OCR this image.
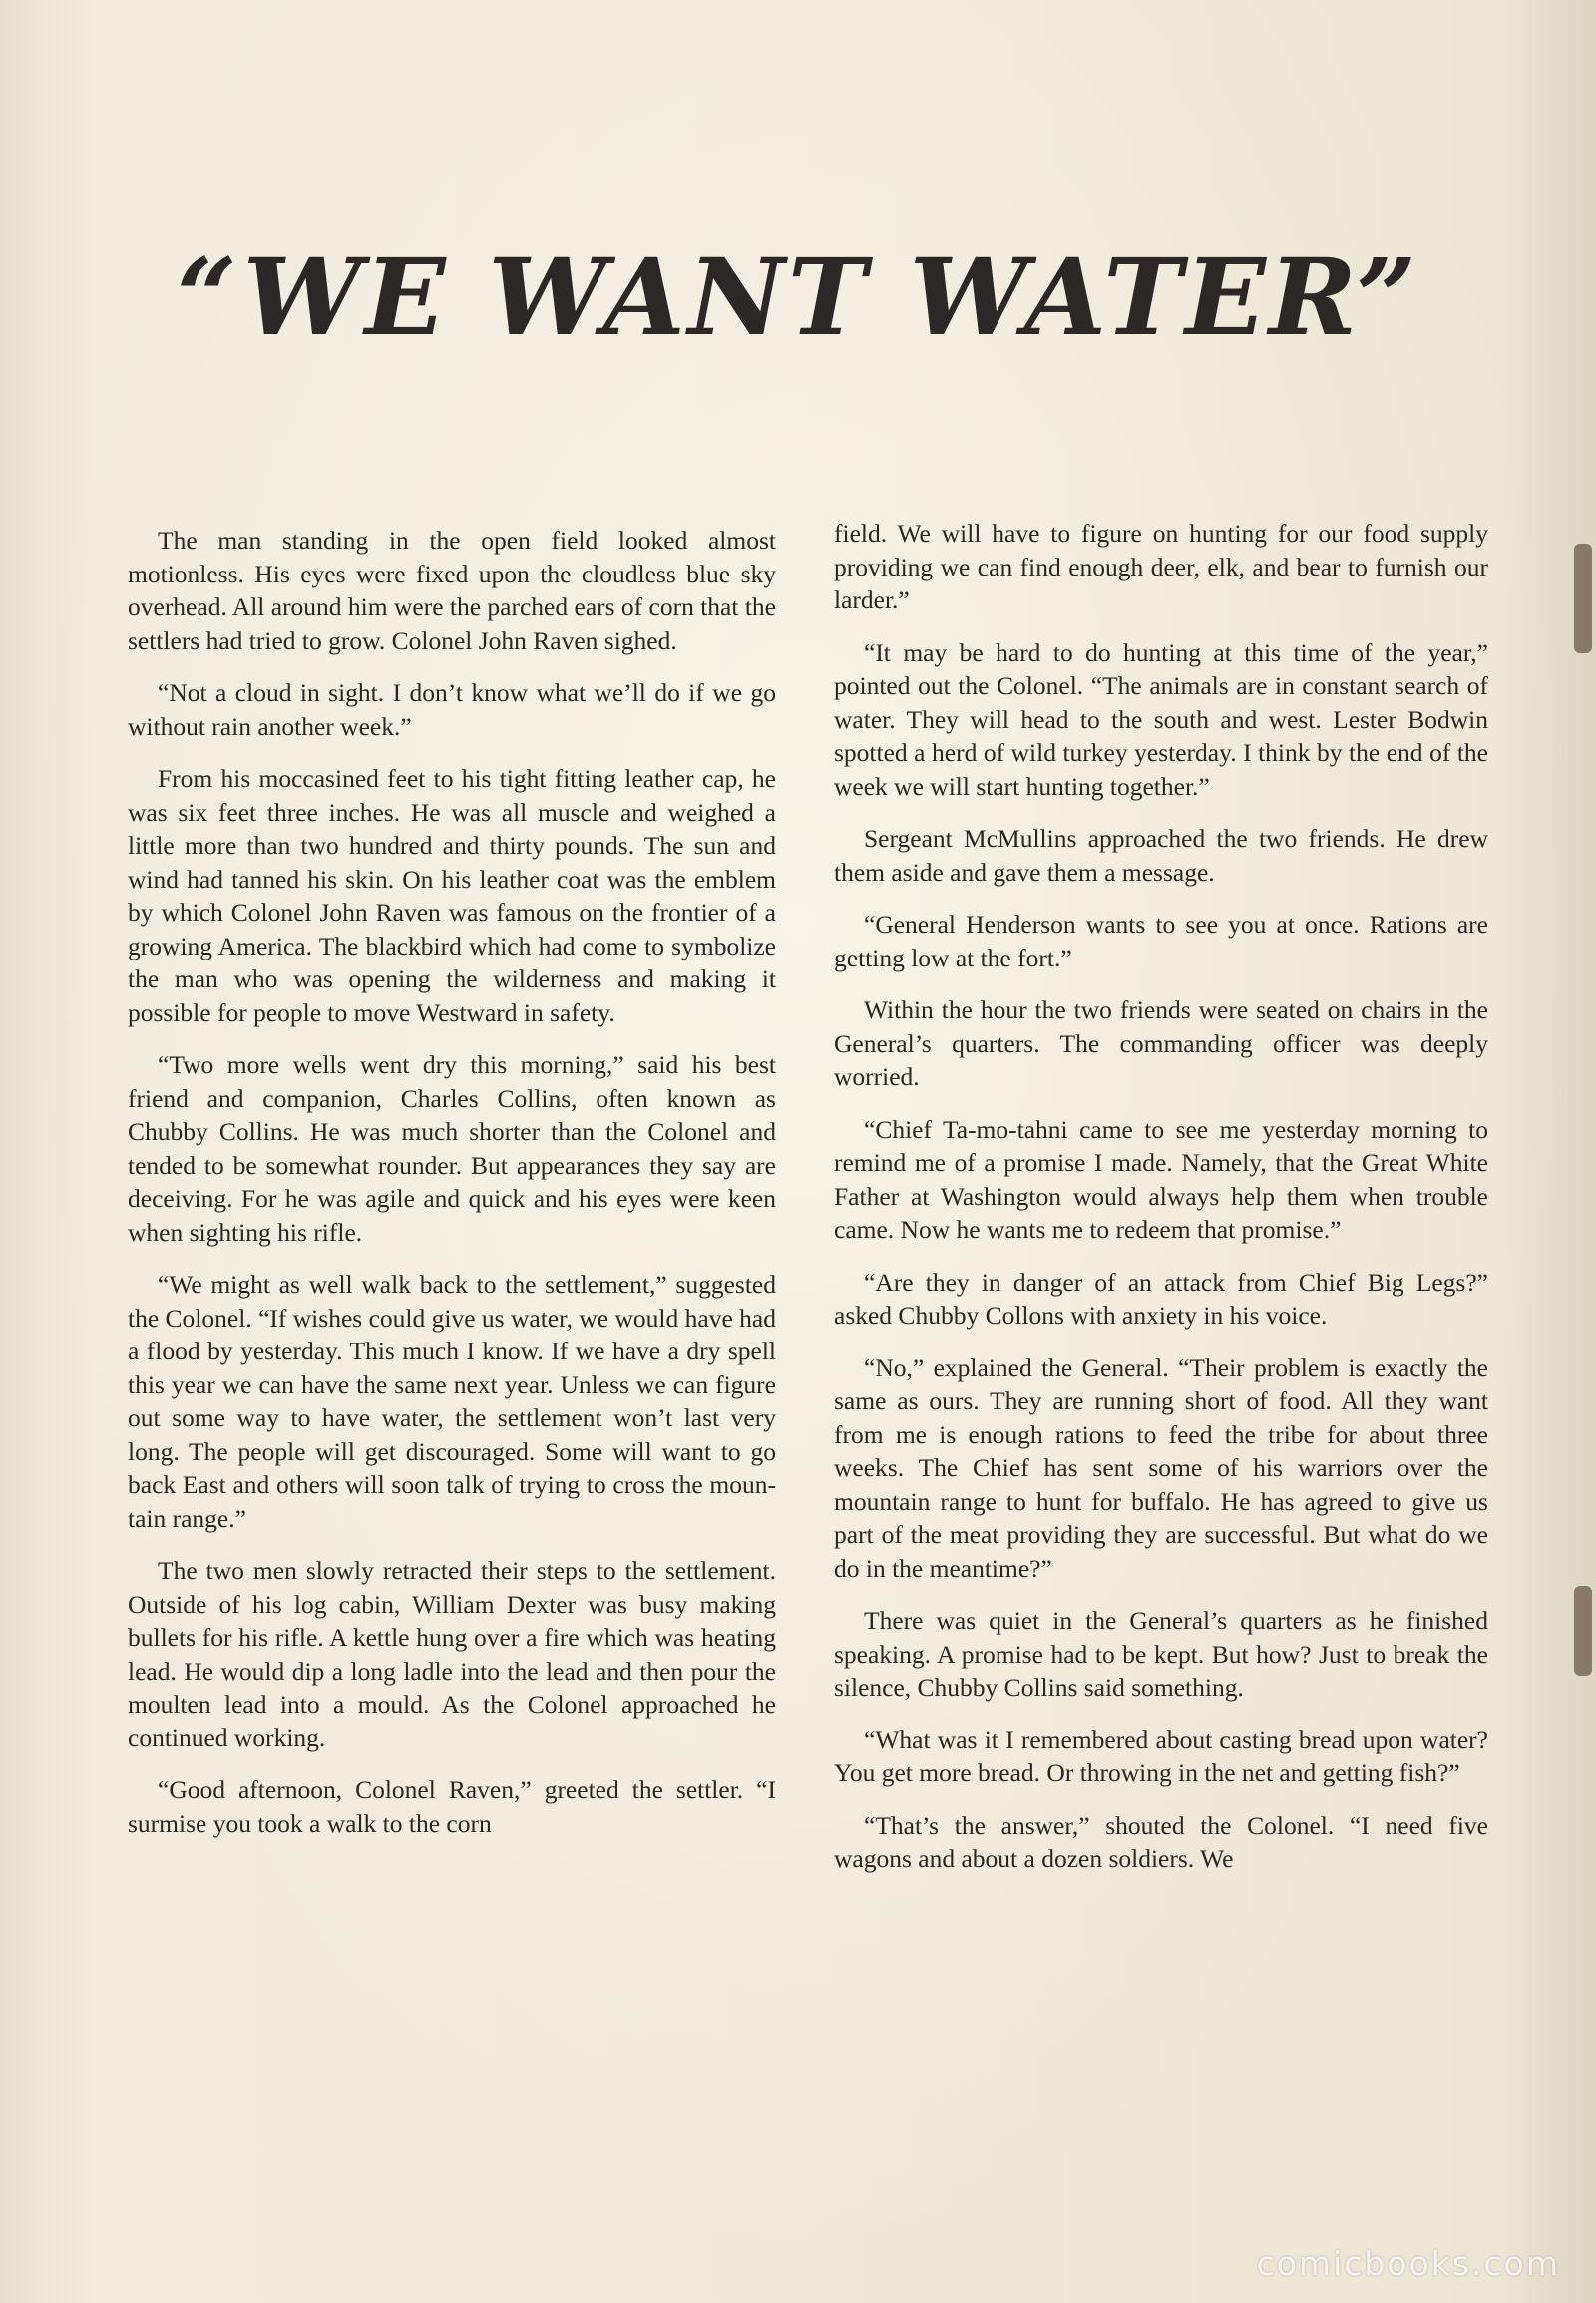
“WE WANT WATER”

The man standing in the open field looked almost motionless. His eyes were fixed upon the cloudless blue sky overhead. All around him were the parched ears of corn that the settlers had tried to grow. Colonel John Raven sighed.

“Not a cloud in sight. I don’t know what we’ll do if we go without rain another week.”

From his moccasined feet to his tight fitting leather cap, he was six feet three inches. He was all muscle and weighed a little more than two hundred and thirty pounds. The sun and wind had tanned his skin. On his leather coat was the emblem by which Colonel John Raven was famous on the frontier of a growing America. The blackbird which had come to symbolize the man who was opening the wilderness and making it possible for people to move Westward in safety.

“Two more wells went dry this morning,” said his best friend and companion, Charles Collins, often known as Chubby Collins. He was much shorter than the Colonel and tended to be somewhat rounder. But appearances they say are deceiving. For he was agile and quick and his eyes were keen when sighting his rifle.

“We might as well walk back to the settlement,” suggested the Colonel. “If wishes could give us water, we would have had a flood by yesterday. This much I know. If we have a dry spell this year we can have the same next year. Unless we can figure out some way to have water, the settlement won’t last very long. The people will get discouraged. Some will want to go back East and others will soon talk of trying to cross the mountain range.”

The two men slowly retracted their steps to the settlement. Outside of his log cabin, William Dexter was busy making bullets for his rifle. A kettle hung over a fire which was heating lead. He would dip a long ladle into the lead and then pour the moulten lead into a mould. As the Colonel approached he continued working.

“Good afternoon, Colonel Raven,” greeted the settler. “I surmise you took a walk to the corn

field. We will have to figure on hunting for our food supply providing we can find enough deer, elk, and bear to furnish our larder.”

“It may be hard to do hunting at this time of the year,” pointed out the Colonel. “The animals are in constant search of water. They will head to the south and west. Lester Bodwin spotted a herd of wild turkey yesterday. I think by the end of the week we will start hunting together.”

Sergeant McMullins approached the two friends. He drew them aside and gave them a message.

“General Henderson wants to see you at once. Rations are getting low at the fort.”

Within the hour the two friends were seated on chairs in the General’s quarters. The commanding officer was deeply worried.

“Chief Ta-mo-tahni came to see me yesterday morning to remind me of a promise I made. Namely, that the Great White Father at Washington would always help them when trouble came. Now he wants me to redeem that promise.”

“Are they in danger of an attack from Chief Big Legs?” asked Chubby Collons with anxiety in his voice.

“No,” explained the General. “Their problem is exactly the same as ours. They are running short of food. All they want from me is enough rations to feed the tribe for about three weeks. The Chief has sent some of his warriors over the mountain range to hunt for buffalo. He has agreed to give us part of the meat providing they are successful. But what do we do in the meantime?”

There was quiet in the General’s quarters as he finished speaking. A promise had to be kept. But how? Just to break the silence, Chubby Collins said something.

“What was it I remembered about casting bread upon water? You get more bread. Or throwing in the net and getting fish?”

“That’s the answer,” shouted the Colonel. “I need five wagons and about a dozen soldiers. We

comicbooks.com
